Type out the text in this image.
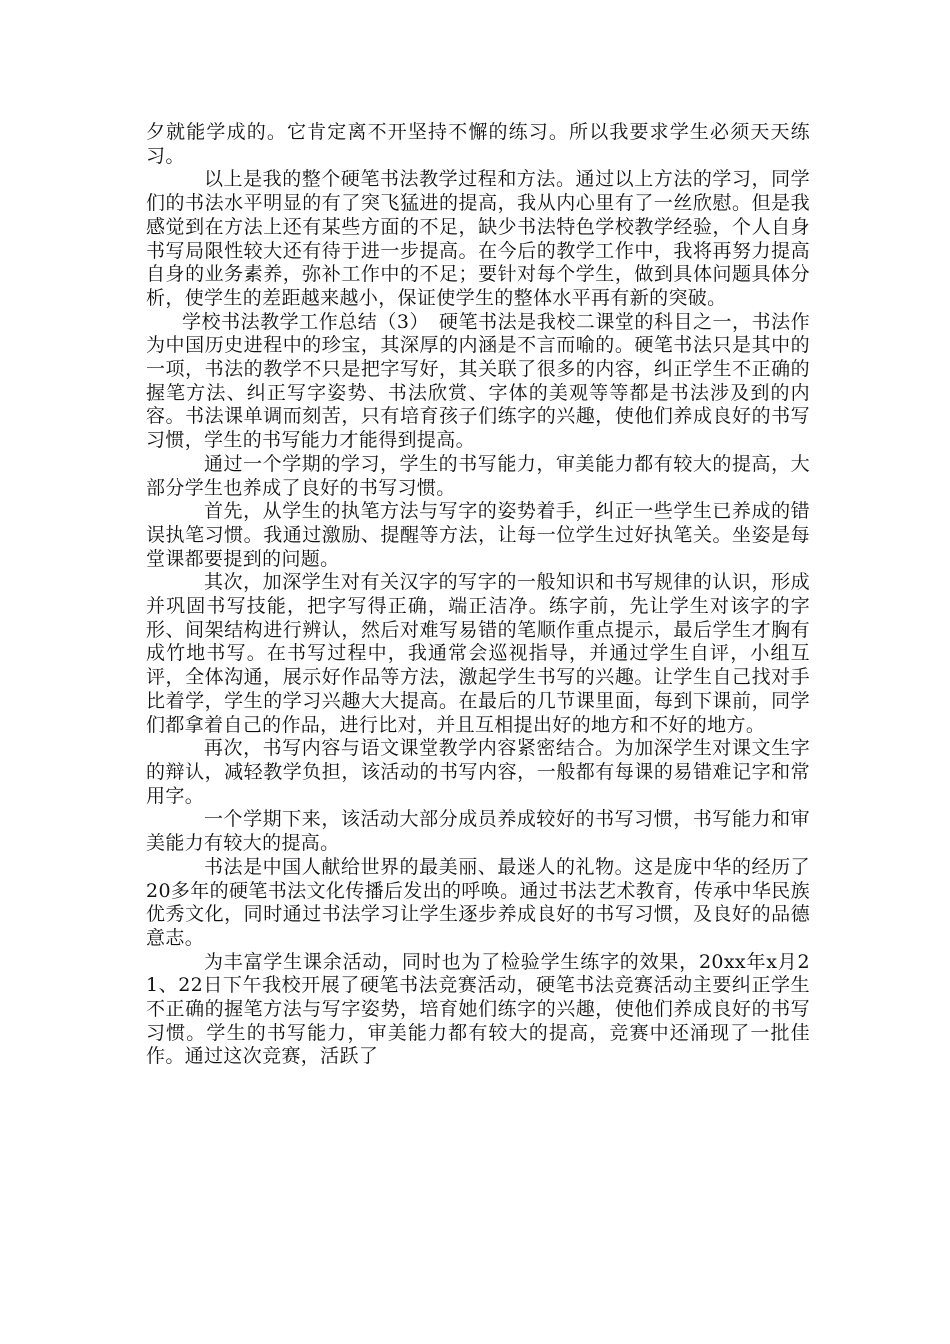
夕就能学成的。它肯定离不开坚持不懈的练习。所以我要求学生必须天天练习。

以上是我的整个硬笔书法教学过程和方法。通过以上方法的学习，同学们的书法水平明显的有了突飞猛进的提高，我从内心里有了一丝欣慰。但是我感觉到在方法上还有某些方面的不足，缺少书法特色学校教学经验，个人自身书写局限性较大还有待于进一步提高。在今后的教学工作中，我将再努力提高自身的业务素养，弥补工作中的不足；要针对每个学生，做到具体问题具体分析，使学生的差距越来越小，保证使学生的整体水平再有新的突破。

学校书法教学工作总结（3）　硬笔书法是我校二课堂的科目之一，书法作为中国历史进程中的珍宝，其深厚的内涵是不言而喻的。硬笔书法只是其中的一项，书法的教学不只是把字写好，其关联了很多的内容，纠正学生不正确的握笔方法、纠正写字姿势、书法欣赏、字体的美观等等都是书法涉及到的内容。书法课单调而刻苦，只有培育孩子们练字的兴趣，使他们养成良好的书写习惯，学生的书写能力才能得到提高。

通过一个学期的学习，学生的书写能力，审美能力都有较大的提高，大部分学生也养成了良好的书写习惯。

首先，从学生的执笔方法与写字的姿势着手，纠正一些学生已养成的错误执笔习惯。我通过激励、提醒等方法，让每一位学生过好执笔关。坐姿是每堂课都要提到的问题。

其次，加深学生对有关汉字的写字的一般知识和书写规律的认识，形成并巩固书写技能，把字写得正确，端正洁净。练字前，先让学生对该字的字形、间架结构进行辨认，然后对难写易错的笔顺作重点提示，最后学生才胸有成竹地书写。在书写过程中，我通常会巡视指导，并通过学生自评，小组互评，全体沟通，展示好作品等方法，激起学生书写的兴趣。让学生自己找对手比着学，学生的学习兴趣大大提高。在最后的几节课里面，每到下课前，同学们都拿着自己的作品，进行比对，并且互相提出好的地方和不好的地方。

再次，书写内容与语文课堂教学内容紧密结合。为加深学生对课文生字的辩认，减轻教学负担，该活动的书写内容，一般都有每课的易错难记字和常用字。

一个学期下来，该活动大部分成员养成较好的书写习惯，书写能力和审美能力有较大的提高。

书法是中国人献给世界的最美丽、最迷人的礼物。这是庞中华的经历了20多年的硬笔书法文化传播后发出的呼唤。通过书法艺术教育，传承中华民族优秀文化，同时通过书法学习让学生逐步养成良好的书写习惯，及良好的品德意志。

为丰富学生课余活动，同时也为了检验学生练字的效果，20xx年x月21、22日下午我校开展了硬笔书法竞赛活动，硬笔书法竞赛活动主要纠正学生不正确的握笔方法与写字姿势，培育她们练字的兴趣，使他们养成良好的书写习惯。学生的书写能力，审美能力都有较大的提高，竞赛中还涌现了一批佳作。通过这次竞赛，活跃了
